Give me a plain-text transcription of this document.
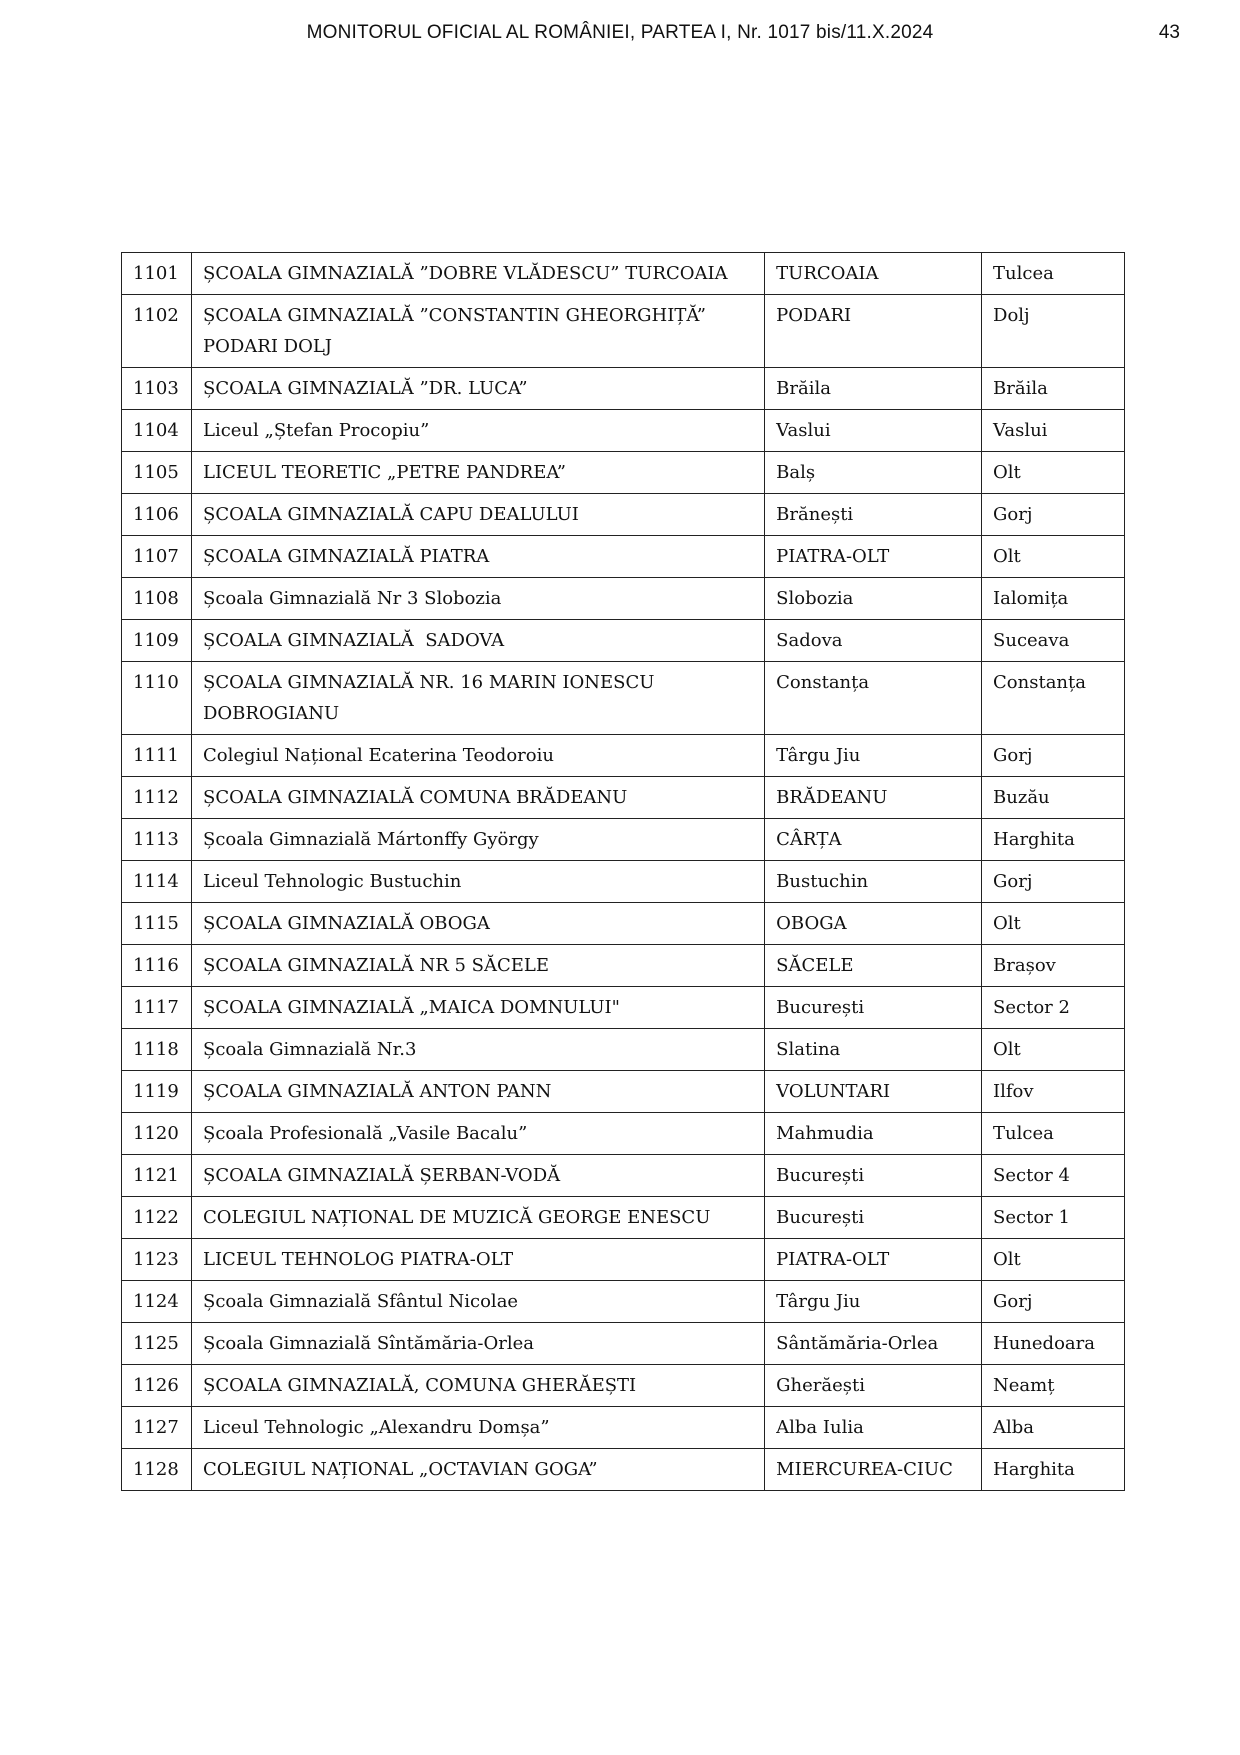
MONITORUL OFICIAL AL ROMÂNIEI, PARTEA I, Nr. 1017 bis/11.X.2024	43
1101	ȘCOALA GIMNAZIALĂ ”DOBRE VLĂDESCU” TURCOAIA	TURCOAIA	Tulcea
1102	ȘCOALA GIMNAZIALĂ ”CONSTANTIN GHEORGHIȚĂ” PODARI DOLJ	PODARI	Dolj
1103	ȘCOALA GIMNAZIALĂ ”DR. LUCA”	Brăila	Brăila
1104	Liceul „Ștefan Procopiu”	Vaslui	Vaslui
1105	LICEUL TEORETIC „PETRE PANDREA”	Balș	Olt
1106	ȘCOALA GIMNAZIALĂ CAPU DEALULUI	Brănești	Gorj
1107	ȘCOALA GIMNAZIALĂ PIATRA	PIATRA-OLT	Olt
1108	Școala Gimnazială Nr 3 Slobozia	Slobozia	Ialomița
1109	ȘCOALA GIMNAZIALĂ  SADOVA	Sadova	Suceava
1110	ȘCOALA GIMNAZIALĂ NR. 16 MARIN IONESCU DOBROGIANU	Constanța	Constanța
1111	Colegiul Național Ecaterina Teodoroiu	Târgu Jiu	Gorj
1112	ȘCOALA GIMNAZIALĂ COMUNA BRĂDEANU	BRĂDEANU	Buzău
1113	Școala Gimnazială Mártonffy György	CÂRȚA	Harghita
1114	Liceul Tehnologic Bustuchin	Bustuchin	Gorj
1115	ȘCOALA GIMNAZIALĂ OBOGA	OBOGA	Olt
1116	ȘCOALA GIMNAZIALĂ NR 5 SĂCELE	SĂCELE	Brașov
1117	ȘCOALA GIMNAZIALĂ „MAICA DOMNULUI"	București	Sector 2
1118	Școala Gimnazială Nr.3	Slatina	Olt
1119	ȘCOALA GIMNAZIALĂ ANTON PANN	VOLUNTARI	Ilfov
1120	Școala Profesională „Vasile Bacalu”	Mahmudia	Tulcea
1121	ȘCOALA GIMNAZIALĂ ȘERBAN-VODĂ	București	Sector 4
1122	COLEGIUL NAȚIONAL DE MUZICĂ GEORGE ENESCU	București	Sector 1
1123	LICEUL TEHNOLOG PIATRA-OLT	PIATRA-OLT	Olt
1124	Școala Gimnazială Sfântul Nicolae	Târgu Jiu	Gorj
1125	Școala Gimnazială Sîntămăria-Orlea	Sântămăria-Orlea	Hunedoara
1126	ȘCOALA GIMNAZIALĂ, COMUNA GHERĂEȘTI	Gherăești	Neamț
1127	Liceul Tehnologic „Alexandru Domșa”	Alba Iulia	Alba
1128	COLEGIUL NAȚIONAL „OCTAVIAN GOGA”	MIERCUREA-CIUC	Harghita
